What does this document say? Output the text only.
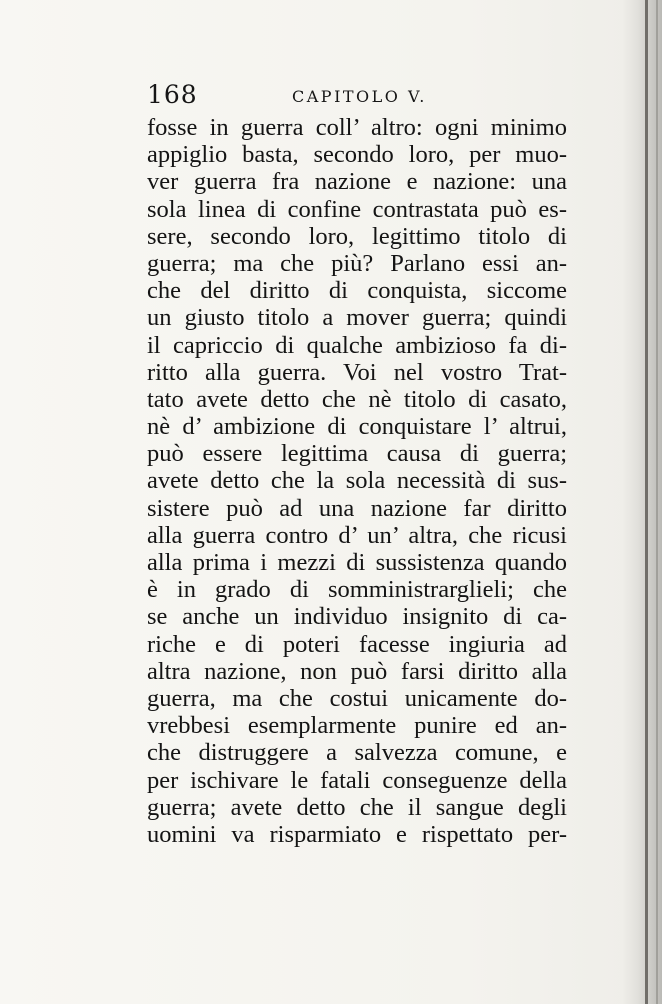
168	CAPITOLO V.
fosse in guerra coll’ altro: ogni minimo
appiglio basta, secondo loro, per muo-
ver guerra fra nazione e nazione: una
sola linea di confine contrastata può es-
sere, secondo loro, legittimo titolo di
guerra; ma che più? Parlano essi an-
che del diritto di conquista, siccome
un giusto titolo a mover guerra; quindi
il capriccio di qualche ambizioso fa di-
ritto alla guerra. Voi nel vostro Trat-
tato avete detto che nè titolo di casato,
nè d’ ambizione di conquistare l’ altrui,
può essere legittima causa di guerra;
avete detto che la sola necessità di sus-
sistere può ad una nazione far diritto
alla guerra contro d’ un’ altra, che ricusi
alla prima i mezzi di sussistenza quando
è in grado di somministrarglieli; che
se anche un individuo insignito di ca-
riche e di poteri facesse ingiuria ad
altra nazione, non può farsi diritto alla
guerra, ma che costui unicamente do-
vrebbesi esemplarmente punire ed an-
che distruggere a salvezza comune, e
per ischivare le fatali conseguenze della
guerra; avete detto che il sangue degli
uomini va risparmiato e rispettato per-
